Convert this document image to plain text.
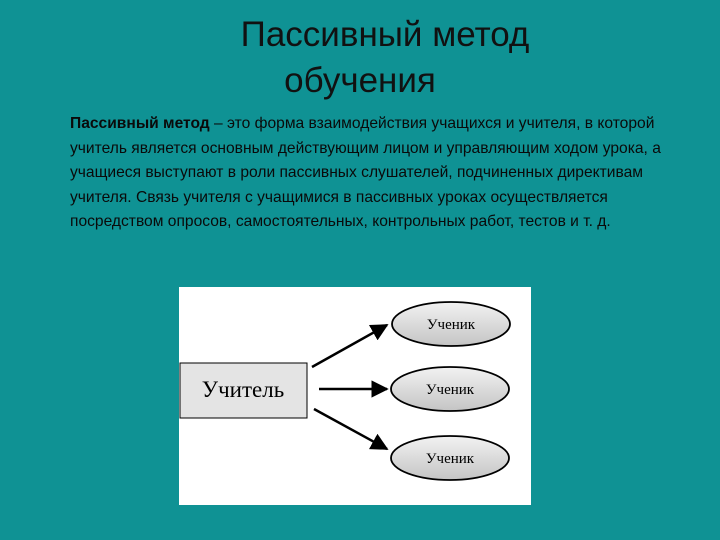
Пассивный метод
обучения
Пассивный метод – это форма взаимодействия учащихся и учителя, в которой учитель является основным действующим лицом и управляющим ходом урока, а учащиеся выступают в роли пассивных слушателей, подчиненных директивам учителя. Связь учителя с учащимися в пассивных уроках осуществляется посредством опросов, самостоятельных, контрольных работ, тестов и т. д.
Учитель
Ученик
Ученик
Ученик
